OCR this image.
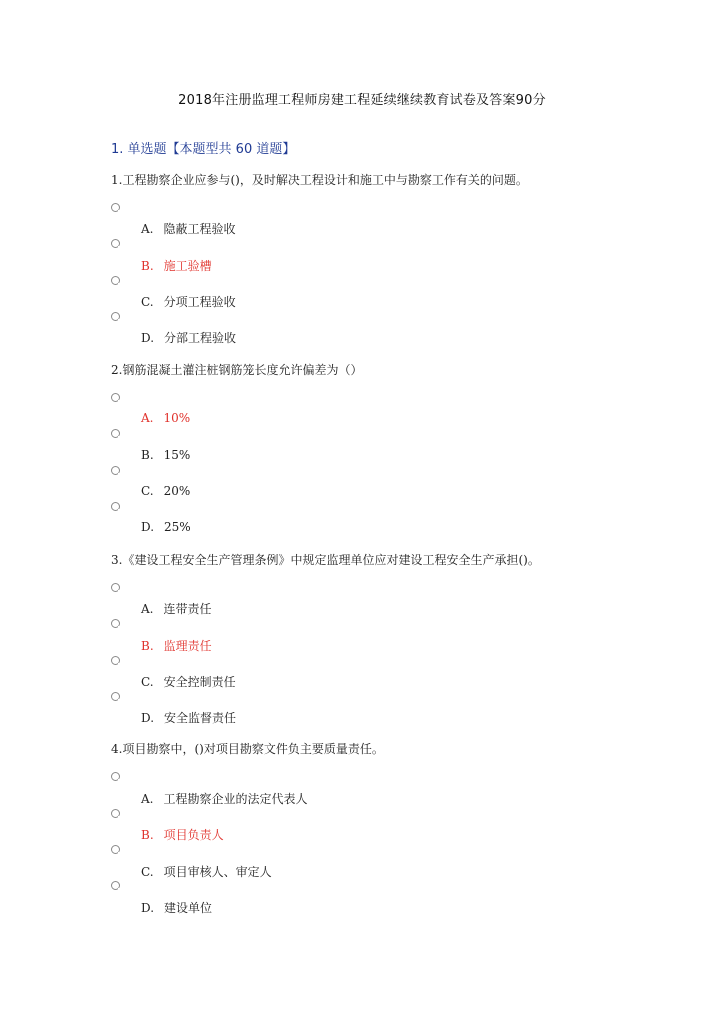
2018年注册监理工程师房建工程延续继续教育试卷及答案90分
1. 单选题【本题型共 60 道题】
1.工程勘察企业应参与()，及时解决工程设计和施工中与勘察工作有关的问题。
A. 隐蔽工程验收
B. 施工验槽
C. 分项工程验收
D. 分部工程验收
2.钢筋混凝土灌注桩钢筋笼长度允许偏差为（）
A. 10%
B. 15%
C. 20%
D. 25%
3.《建设工程安全生产管理条例》中规定监理单位应对建设工程安全生产承担()。
A. 连带责任
B. 监理责任
C. 安全控制责任
D. 安全监督责任
4.项目勘察中，()对项目勘察文件负主要质量责任。
A. 工程勘察企业的法定代表人
B. 项目负责人
C. 项目审核人、审定人
D. 建设单位
